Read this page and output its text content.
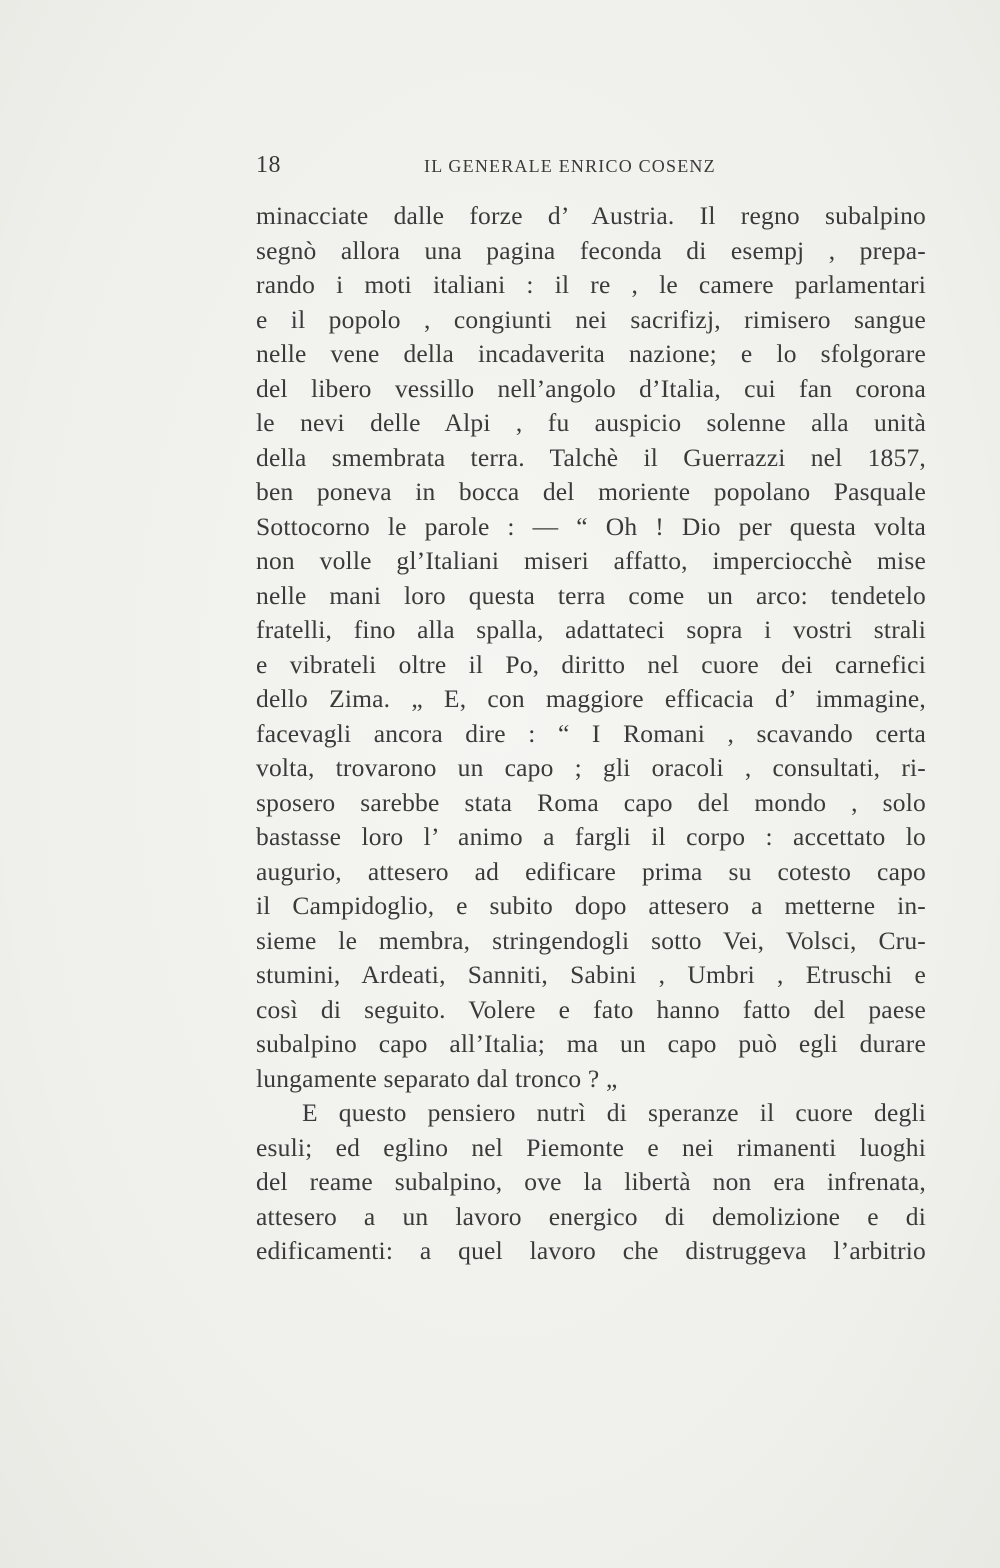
18	IL GENERALE ENRICO COSENZ
minacciate dalle forze d’ Austria. Il regno subalpino
segnò allora una pagina feconda di esempj , prepa-
rando i moti italiani : il re , le camere parlamentari
e il popolo , congiunti nei sacrifizj, rimisero sangue
nelle vene della incadaverita nazione; e lo sfolgorare
del libero vessillo nell’angolo d’Italia, cui fan corona
le nevi delle Alpi , fu auspicio solenne alla unità
della smembrata terra. Talchè il Guerrazzi nel 1857,
ben poneva in bocca del moriente popolano Pasquale
Sottocorno le parole : — “ Oh ! Dio per questa volta
non volle gl’Italiani miseri affatto, imperciocchè mise
nelle mani loro questa terra come un arco: tendetelo
fratelli, fino alla spalla, adattateci sopra i vostri strali
e vibrateli oltre il Po, diritto nel cuore dei carnefici
dello Zima. „ E, con maggiore efficacia d’ immagine,
facevagli ancora dire : “ I Romani , scavando certa
volta, trovarono un capo ; gli oracoli , consultati, ri-
sposero sarebbe stata Roma capo del mondo , solo
bastasse loro l’ animo a fargli il corpo : accettato lo
augurio, attesero ad edificare prima su cotesto capo
il Campidoglio, e subito dopo attesero a metterne in-
sieme le membra, stringendogli sotto Vei, Volsci, Cru-
stumini, Ardeati, Sanniti, Sabini , Umbri , Etruschi e
così di seguito. Volere e fato hanno fatto del paese
subalpino capo all’Italia; ma un capo può egli durare
lungamente separato dal tronco ? „
E questo pensiero nutrì di speranze il cuore degli
esuli; ed eglino nel Piemonte e nei rimanenti luoghi
del reame subalpino, ove la libertà non era infrenata,
attesero a un lavoro energico di demolizione e di
edificamenti: a quel lavoro che distruggeva l’arbitrio
